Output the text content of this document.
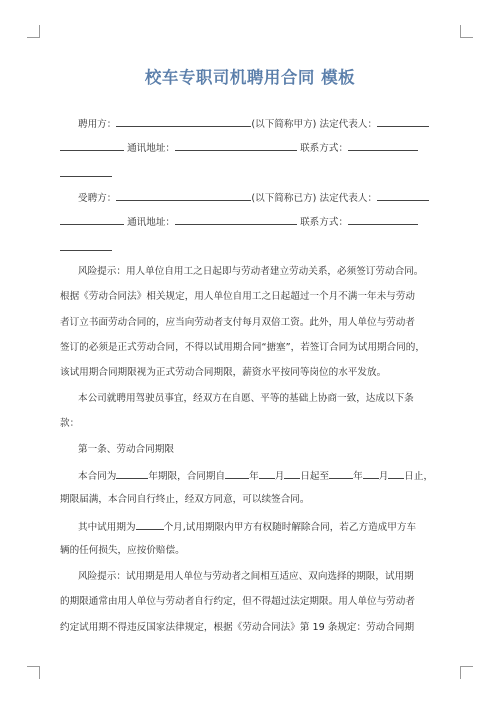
校车专职司机聘用合同 模板
聘用方：	(以下简称甲方) 法定代表人：
通讯地址：	联系方式：
受聘方：	(以下简称已方) 法定代表人：
通讯地址：	联系方式：
风险提示：用人单位自用工之日起即与劳动者建立劳动关系，必须签订劳动合同。
根据《劳动合同法》相关规定，用人单位自用工之日起超过一个月不满一年未与劳动
者订立书面劳动合同的，应当向劳动者支付每月双倍工资。此外，用人单位与劳动者
签订的必须是正式劳动合同，不得以试用期合同“搪塞”，若签订合同为试用期合同的，
该试用期合同期限视为正式劳动合同期限，薪资水平按同等岗位的水平发放。
本公司就聘用驾驶员事宜，经双方在自愿、平等的基础上协商一致，达成以下条
款：
第一条、劳动合同期限
本合同为	年期限，合同期自	年 月 日起至	年 月 日止，
期限届满，本合同自行终止，经双方同意，可以续签合同。
其中试用期为	个月,试用期限内甲方有权随时解除合同，若乙方造成甲方车
辆的任何损失，应按价赔偿。
风险提示：试用期是用人单位与劳动者之间相互适应、双向选择的期限，试用期
的期限通常由用人单位与劳动者自行约定，但不得超过法定期限。用人单位与劳动者
约定试用期不得违反国家法律规定，根据《劳动合同法》第 19 条规定：劳动合同期
